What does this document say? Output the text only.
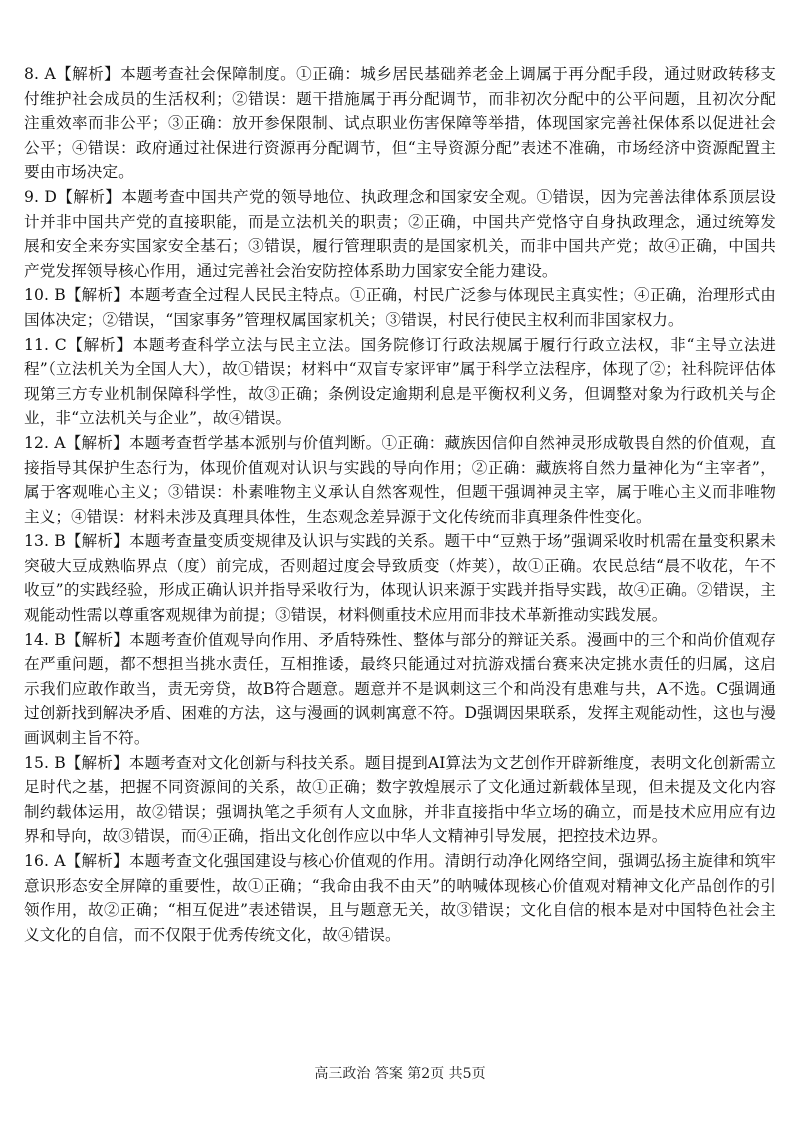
8. A【解析】本题考查社会保障制度。①正确：城乡居民基础养老金上调属于再分配手段，通过财政转移支付维护社会成员的生活权利；②错误：题干措施属于再分配调节，而非初次分配中的公平问题，且初次分配注重效率而非公平；③正确：放开参保限制、试点职业伤害保障等举措，体现国家完善社保体系以促进社会公平；④错误：政府通过社保进行资源再分配调节，但“主导资源分配”表述不准确，市场经济中资源配置主要由市场决定。

9. D【解析】本题考查中国共产党的领导地位、执政理念和国家安全观。①错误，因为完善法律体系顶层设计并非中国共产党的直接职能，而是立法机关的职责；②正确，中国共产党恪守自身执政理念，通过统筹发展和安全来夯实国家安全基石；③错误，履行管理职责的是国家机关，而非中国共产党；故④正确，中国共产党发挥领导核心作用，通过完善社会治安防控体系助力国家安全能力建设。

10. B【解析】本题考查全过程人民民主特点。①正确，村民广泛参与体现民主真实性；④正确，治理形式由国体决定；②错误，“国家事务”管理权属国家机关；③错误，村民行使民主权利而非国家权力。

11. C【解析】本题考查科学立法与民主立法。国务院修订行政法规属于履行行政立法权，非“主导立法进程”（立法机关为全国人大），故①错误；材料中“双盲专家评审”属于科学立法程序，体现了②；社科院评估体现第三方专业机制保障科学性，故③正确；条例设定逾期利息是平衡权利义务，但调整对象为行政机关与企业，非“立法机关与企业”，故④错误。

12. A【解析】本题考查哲学基本派别与价值判断。①正确：藏族因信仰自然神灵形成敬畏自然的价值观，直接指导其保护生态行为，体现价值观对认识与实践的导向作用；②正确：藏族将自然力量神化为“主宰者”，属于客观唯心主义；③错误：朴素唯物主义承认自然客观性，但题干强调神灵主宰，属于唯心主义而非唯物主义；④错误：材料未涉及真理具体性，生态观念差异源于文化传统而非真理条件性变化。

13. B【解析】本题考查量变质变规律及认识与实践的关系。题干中“豆熟于场”强调采收时机需在量变积累未突破大豆成熟临界点（度）前完成，否则超过度会导致质变（炸荚），故①正确。农民总结“晨不收花，午不收豆”的实践经验，形成正确认识并指导采收行为，体现认识来源于实践并指导实践，故④正确。②错误，主观能动性需以尊重客观规律为前提；③错误，材料侧重技术应用而非技术革新推动实践发展。

14. B【解析】本题考查价值观导向作用、矛盾特殊性、整体与部分的辩证关系。漫画中的三个和尚价值观存在严重问题，都不想担当挑水责任，互相推诿，最终只能通过对抗游戏擂台赛来决定挑水责任的归属，这启示我们应敢作敢当，责无旁贷，故B符合题意。题意并不是讽刺这三个和尚没有患难与共，A不选。C强调通过创新找到解决矛盾、困难的方法，这与漫画的讽刺寓意不符。D强调因果联系，发挥主观能动性，这也与漫画讽刺主旨不符。

15. B【解析】本题考查对文化创新与科技关系。题目提到AI算法为文艺创作开辟新维度，表明文化创新需立足时代之基，把握不同资源间的关系，故①正确；数字敦煌展示了文化通过新载体呈现，但未提及文化内容制约载体运用，故②错误；强调执笔之手须有人文血脉，并非直接指中华立场的确立，而是技术应用应有边界和导向，故③错误，而④正确，指出文化创作应以中华人文精神引导发展，把控技术边界。

16. A【解析】本题考查文化强国建设与核心价值观的作用。清朗行动净化网络空间，强调弘扬主旋律和筑牢意识形态安全屏障的重要性，故①正确；“我命由我不由天”的呐喊体现核心价值观对精神文化产品创作的引领作用，故②正确；“相互促进”表述错误，且与题意无关，故③错误；文化自信的根本是对中国特色社会主义文化的自信，而不仅限于优秀传统文化，故④错误。

高三政治 答案 第2页 共5页
